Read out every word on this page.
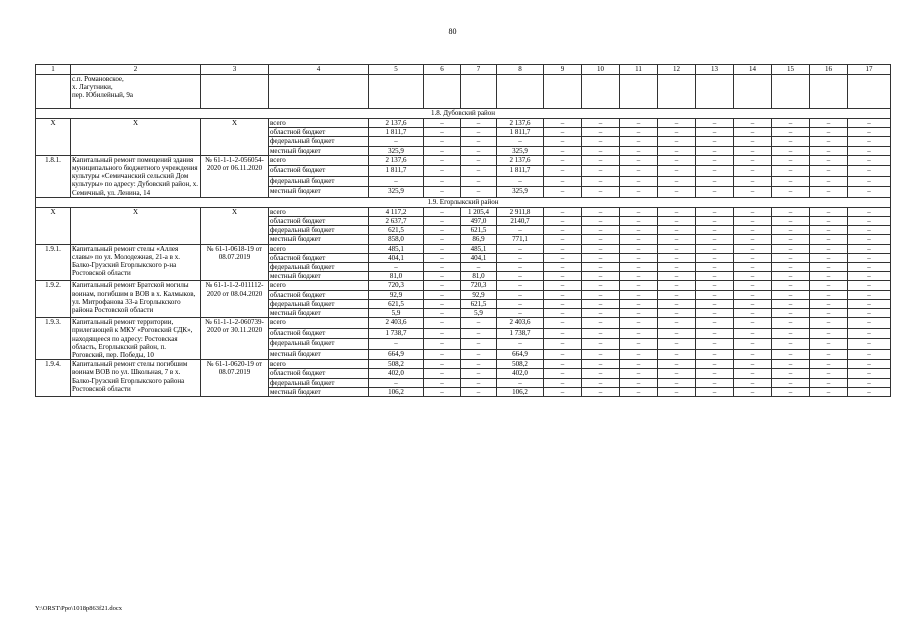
80
1	2	3	4	5	6	7	8	9	10	11	12	13	14	15	16	17
	с.п. Романовское,
х. Лагутники,
пер. Юбилейный, 9а															
1.8. Дубовский район																
X	X	X	всего	2 137,6	–	–	2 137,6	–	–	–	–	–	–	–	–	–
			областной бюджет	1 811,7	–	–	1 811,7	–	–	–	–	–	–	–	–	–
			федеральный бюджет	–	–	–	–	–	–	–	–	–	–	–	–	–
			местный бюджет	325,9	–	–	325,9	–	–	–	–	–	–	–	–	–
1.8.1.	Капитальный ремонт помещений здания муниципального бюджетного учреждения культуры «Семичанский сельский Дом культуры» по адресу: Дубовский район, х. Семичный, ул. Ленина, 14	№ 61-1-1-2-056054-2020 от 06.11.2020	всего	2 137,6	–	–	2 137,6	–	–	–	–	–	–	–	–	–
			областной бюджет	1 811,7	–	–	1 811,7	–	–	–	–	–	–	–	–	–
			федеральный бюджет	–	–	–	–	–	–	–	–	–	–	–	–	–
			местный бюджет	325,9	–	–	325,9	–	–	–	–	–	–	–	–	–
1.9. Егорлыкский район																
X	X	X	всего	4 117,2	–	1 205,4	2 911,8	–	–	–	–	–	–	–	–	–
			областной бюджет	2 637,7	–	497,0	2140,7	–	–	–	–	–	–	–	–	–
			федеральный бюджет	621,5	–	621,5	–	–	–	–	–	–	–	–	–	–
			местный бюджет	858,0	–	86,9	771,1	–	–	–	–	–	–	–	–	–
1.9.1.	Капитальный ремонт стелы «Аллея славы» по ул. Молодежная, 21-а в х. Балко-Грузский Егорлыкского р-на Ростовской области	№ 61-1-0618-19 от 08.07.2019	всего	485,1	–	485,1	–	–	–	–	–	–	–	–	–	–
			областной бюджет	404,1	–	404,1	–	–	–	–	–	–	–	–	–	–
			федеральный бюджет	–	–	–	–	–	–	–	–	–	–	–	–	–
			местный бюджет	81,0	–	81,0	–	–	–	–	–	–	–	–	–	–
1.9.2.	Капитальный ремонт Братской могилы воинам, погибшим в ВОВ в х. Калмыков, ул. Митрофанова 33-а Егорлыкского района Ростовской области	№ 61-1-1-2-011112-2020 от 08.04.2020	всего	720,3	–	720,3	–	–	–	–	–	–	–	–	–	–
			областной бюджет	92,9	–	92,9	–	–	–	–	–	–	–	–	–	–
			федеральный бюджет	621,5	–	621,5	–	–	–	–	–	–	–	–	–	–
			местный бюджет	5,9	–	5,9	–	–	–	–	–	–	–	–	–	–
1.9.3.	Капитальный ремонт территории, прилегающей к МКУ «Роговский СДК», находящееся по адресу: Ростовская область, Егорлыкский район, п. Роговский, пер. Победы, 10	№ 61-1-1-2-060739-2020 от 30.11.2020	всего	2 403,6	–	–	2 403,6	–	–	–	–	–	–	–	–	–
			областной бюджет	1 738,7	–	–	1 738,7	–	–	–	–	–	–	–	–	–
			федеральный бюджет	–	–	–	–	–	–	–	–	–	–	–	–	–
			местный бюджет	664,9	–	–	664,9	–	–	–	–	–	–	–	–	–
1.9.4.	Капитальный ремонт стелы погибшим воинам ВОВ по ул. Школьная, 7 в х. Балко-Грузский Егорлыкского района Ростовской области	№ 61-1-0620-19 от 08.07.2019	всего	508,2	–	–	508,2	–	–	–	–	–	–	–	–	–
			областной бюджет	402,0	–	–	402,0	–	–	–	–	–	–	–	–	–
			федеральный бюджет	–	–	–	–	–	–	–	–	–	–	–	–	–
			местный бюджет	106,2	–	–	106,2	–	–	–	–	–	–	–	–	–
Y:\ORST\Ppo\1018p863f21.docx
